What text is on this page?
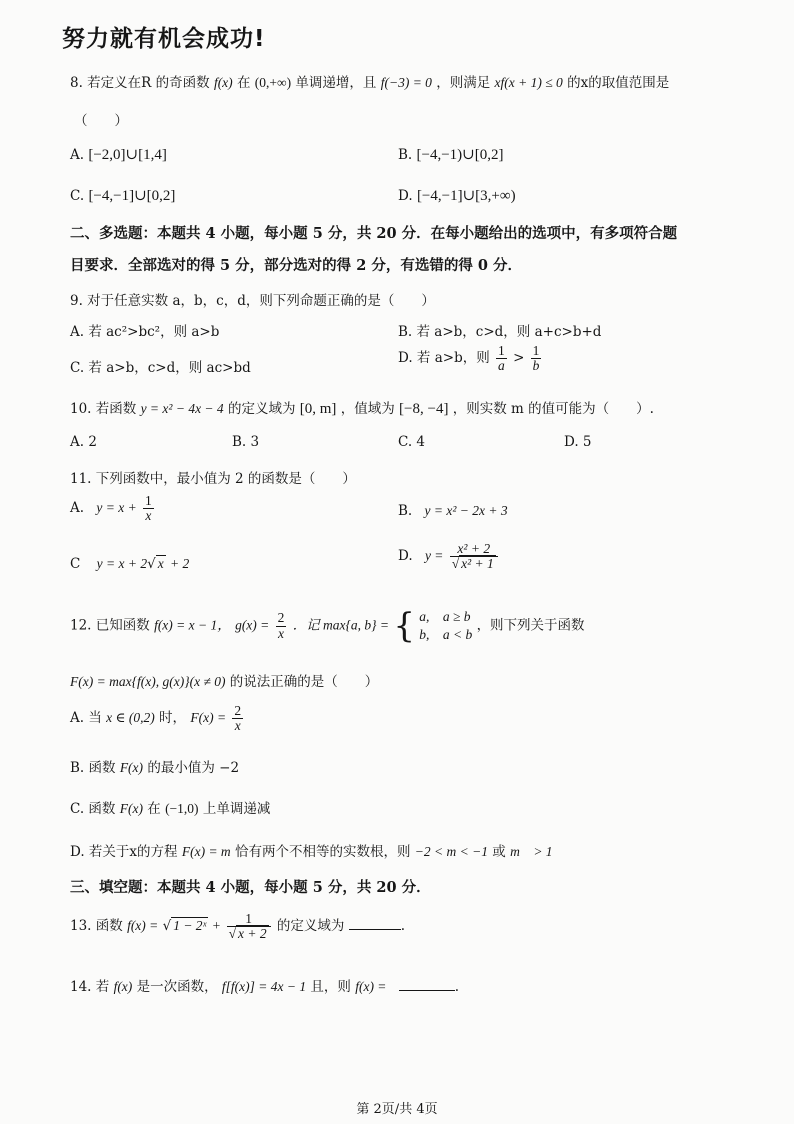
努力就有机会成功!
8. 若定义在R 的奇函数 f(x) 在 (0,+∞) 单调递增，且 f(−3) = 0 ，则满足 xf(x + 1) ≤ 0 的x的取值范围是
（　　）
A. [−2,0]∪[1,4]	B. [−4,−1)∪[0,2]
C. [−4,−1]∪[0,2]	D. [−4,−1]∪[3,+∞)
二、多选题：本题共 4 小题，每小题 5 分，共 20 分．在每小题给出的选项中，有多项符合题
目要求．全部选对的得 5 分，部分选对的得 2 分，有选错的得 0 分．
9. 对于任意实数 a，b，c，d，则下列命题正确的是（　　）
A. 若 ac²>bc²，则 a>b	B. 若 a>b，c>d，则 a+c>b+d
C. 若 a>b，c>d，则 ac>bd
D. 若 a>b，则 $\frac{1}{a} > \frac{1}{b}$
10. 若函数 y = x² − 4x − 4 的定义域为 [0, m] ，值域为 [−8, −4] ，则实数 m 的值可能为（　　）.
A. 2	B. 3	C. 4	D. 5
11. 下列函数中，最小值为 2 的函数是（　　）
A. $y = x + \frac{1}{x}$	B. y = x² − 2x + 3
C y = x + 2√ x + 2	D. $y = \frac{\text{x² + 2}}{\text{√ x² + 1}}$
12. 已知函数 f(x) = x − 1， $g(x) = \frac{2}{x}$ ．记 max{a, b} = { a,　a ≥ b
b,　a < b
，则下列关于函数
F(x) = max{f(x), g(x)}(x ≠ 0) 的说法正确的是（　　）
A. 当 x ∈ (0,2) 时， $F(x) = \frac{2}{x}$
B. 函数 F(x) 的最小值为 −2
C. 函数 F(x) 在 (−1,0) 上单调递减
D. 若关于x的方程 F(x) = m 恰有两个不相等的实数根，则 −2 < m < −1 或 m　> 1
三、填空题：本题共 4 小题，每小题 5 分，共 20 分．
13. 函数 f(x) = √ 1 − 2ˣ + $\frac{1}{√ x + 2}$ 的定义域为	.
14. 若 f(x) 是一次函数， f[f(x)] = 4x − 1 且，则 f(x) =	.
第 2页/共 4页
